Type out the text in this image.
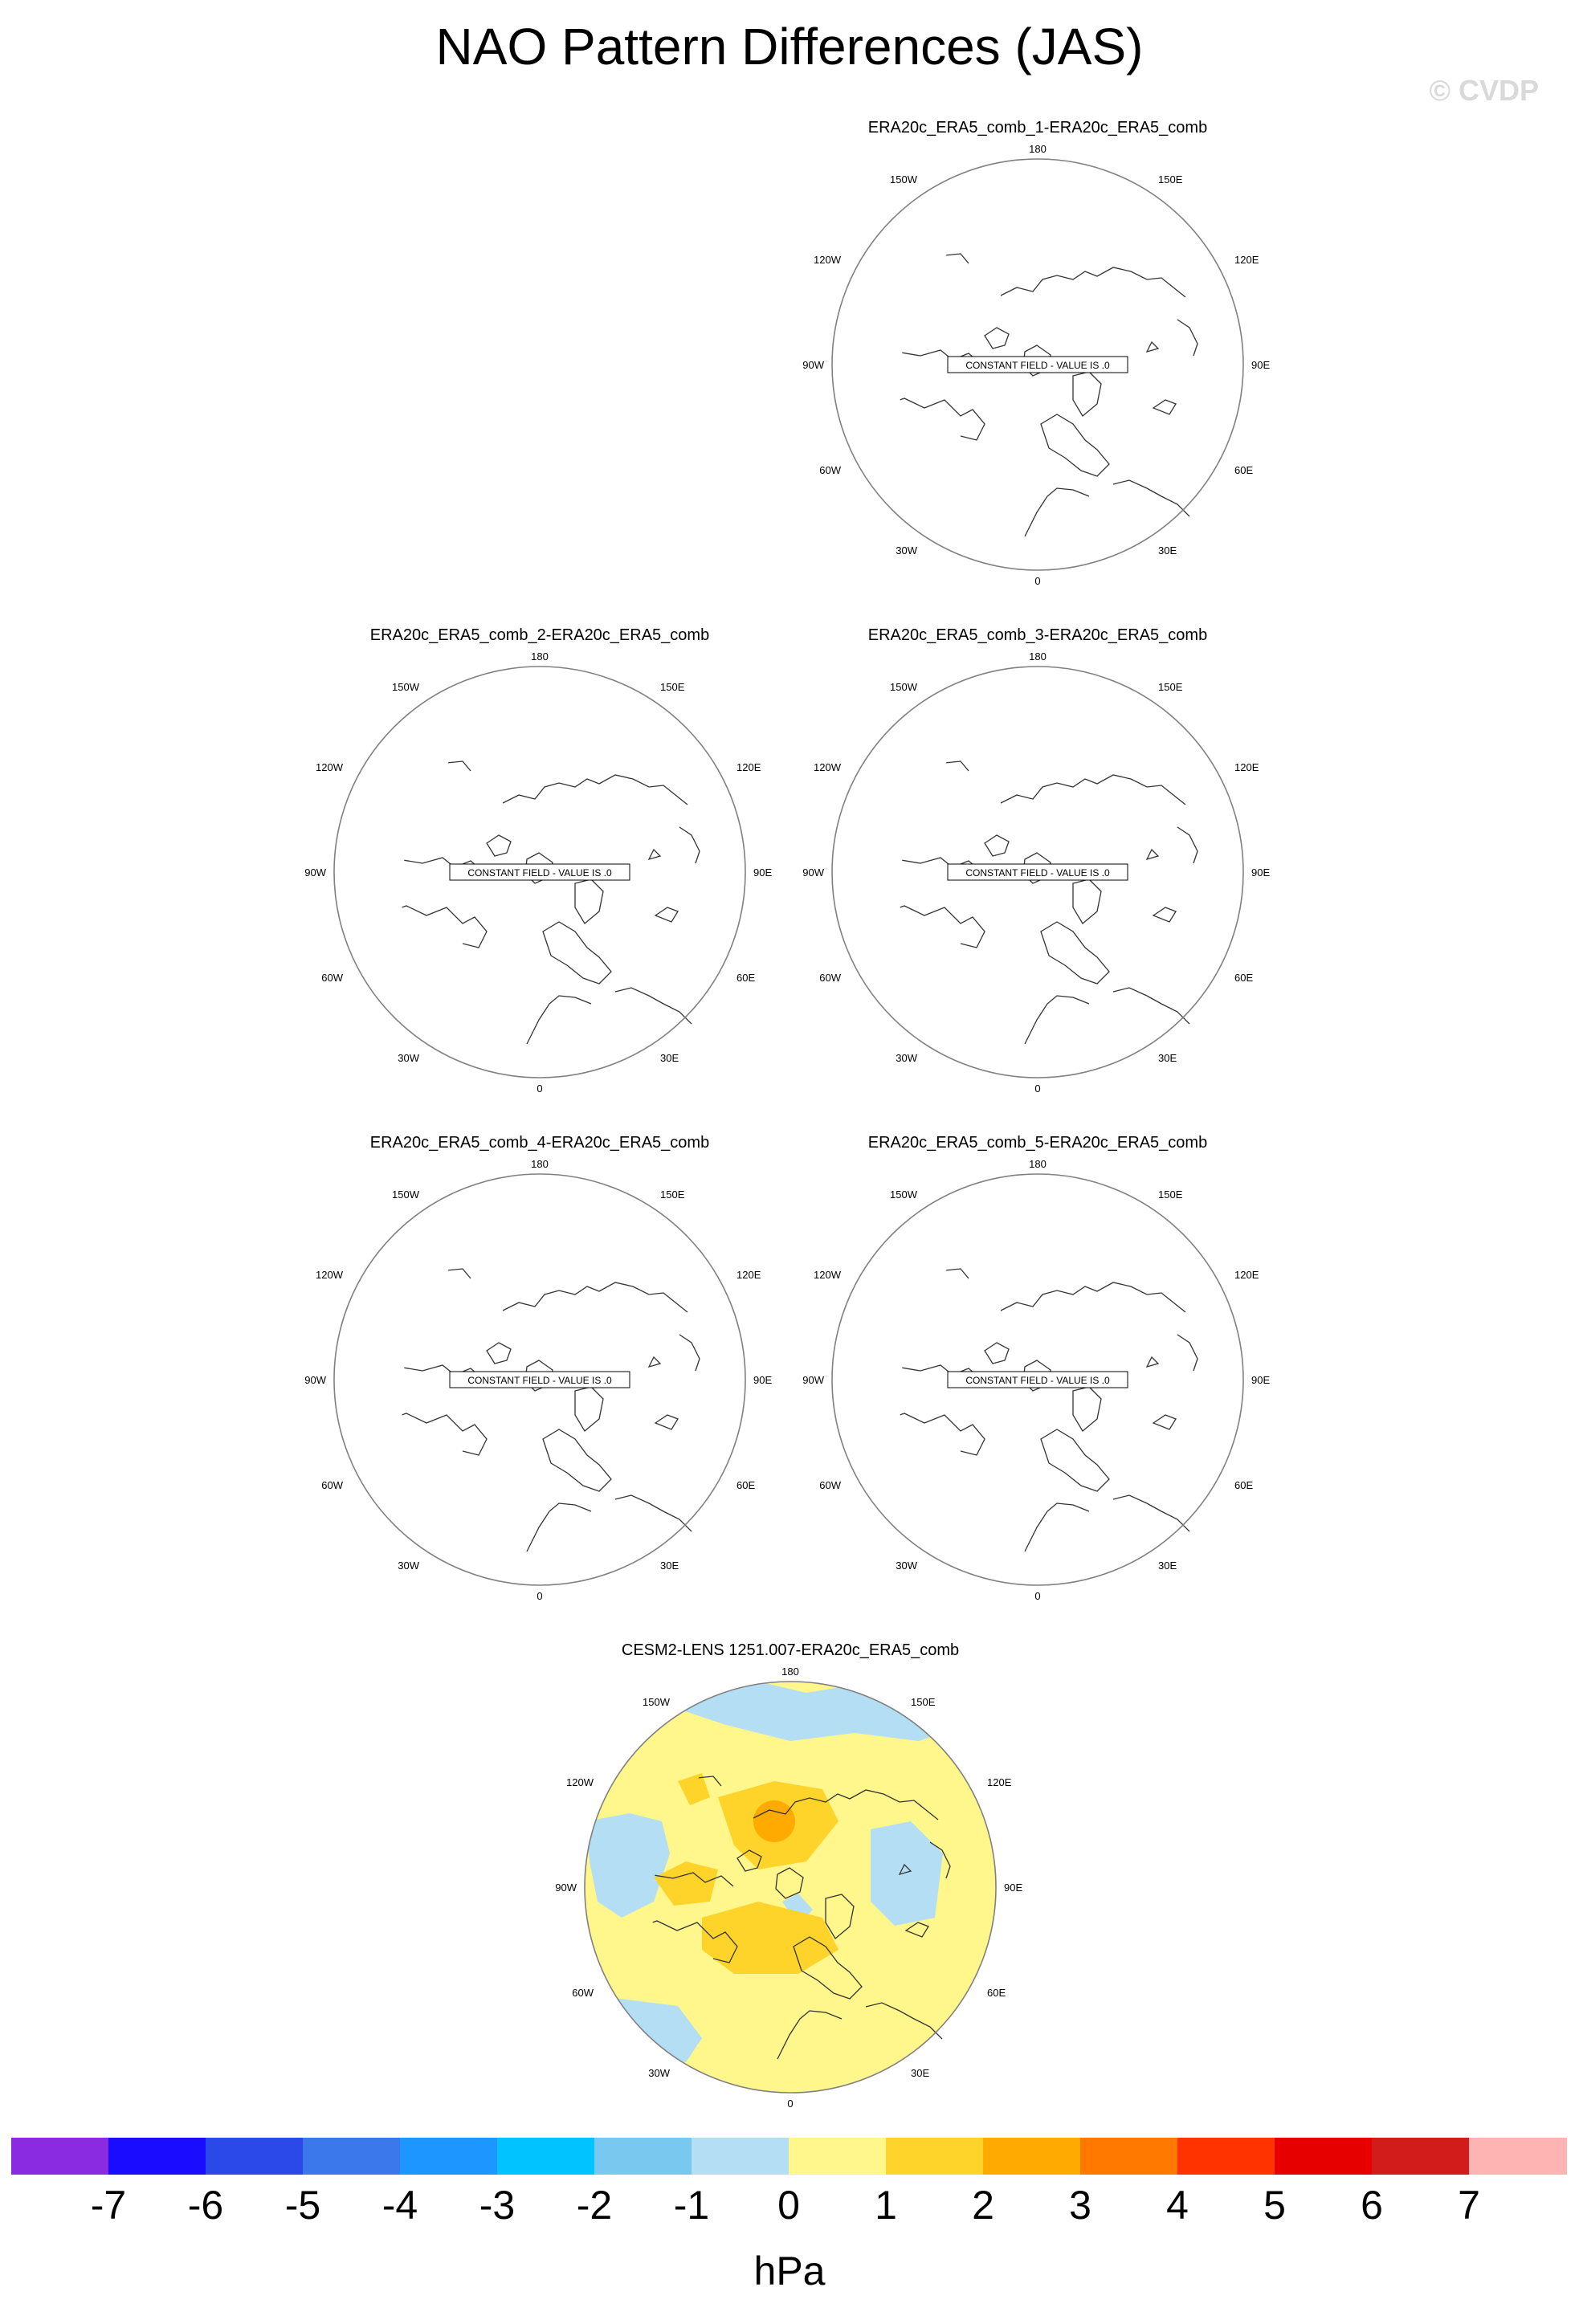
NAO Pattern Differences (JAS)
© CVDP
ERA20c_ERA5_comb_1-ERA20c_ERA5_comb
180
0
150W	150E
120W	120E
90W	90E
60W	60E
30W	30E
CONSTANT FIELD - VALUE IS .0
ERA20c_ERA5_comb_2-ERA20c_ERA5_comb
180
0
150W	150E
120W	120E
90W	90E
60W	60E
30W	30E
CONSTANT FIELD - VALUE IS .0
ERA20c_ERA5_comb_3-ERA20c_ERA5_comb
180
0
150W	150E
120W	120E
90W	90E
60W	60E
30W	30E
CONSTANT FIELD - VALUE IS .0
ERA20c_ERA5_comb_4-ERA20c_ERA5_comb
180
0
150W	150E
120W	120E
90W	90E
60W	60E
30W	30E
CONSTANT FIELD - VALUE IS .0
ERA20c_ERA5_comb_5-ERA20c_ERA5_comb
180
0
150W	150E
120W	120E
90W	90E
60W	60E
30W	30E
CONSTANT FIELD - VALUE IS .0
CESM2-LENS 1251.007-ERA20c_ERA5_comb
180
0
150W	150E
120W	120E
90W	90E
60W	60E
30W	30E
-7	-6	-5	-4	-3	-2	-1	0	1	2	3	4	5	6	7
hPa
